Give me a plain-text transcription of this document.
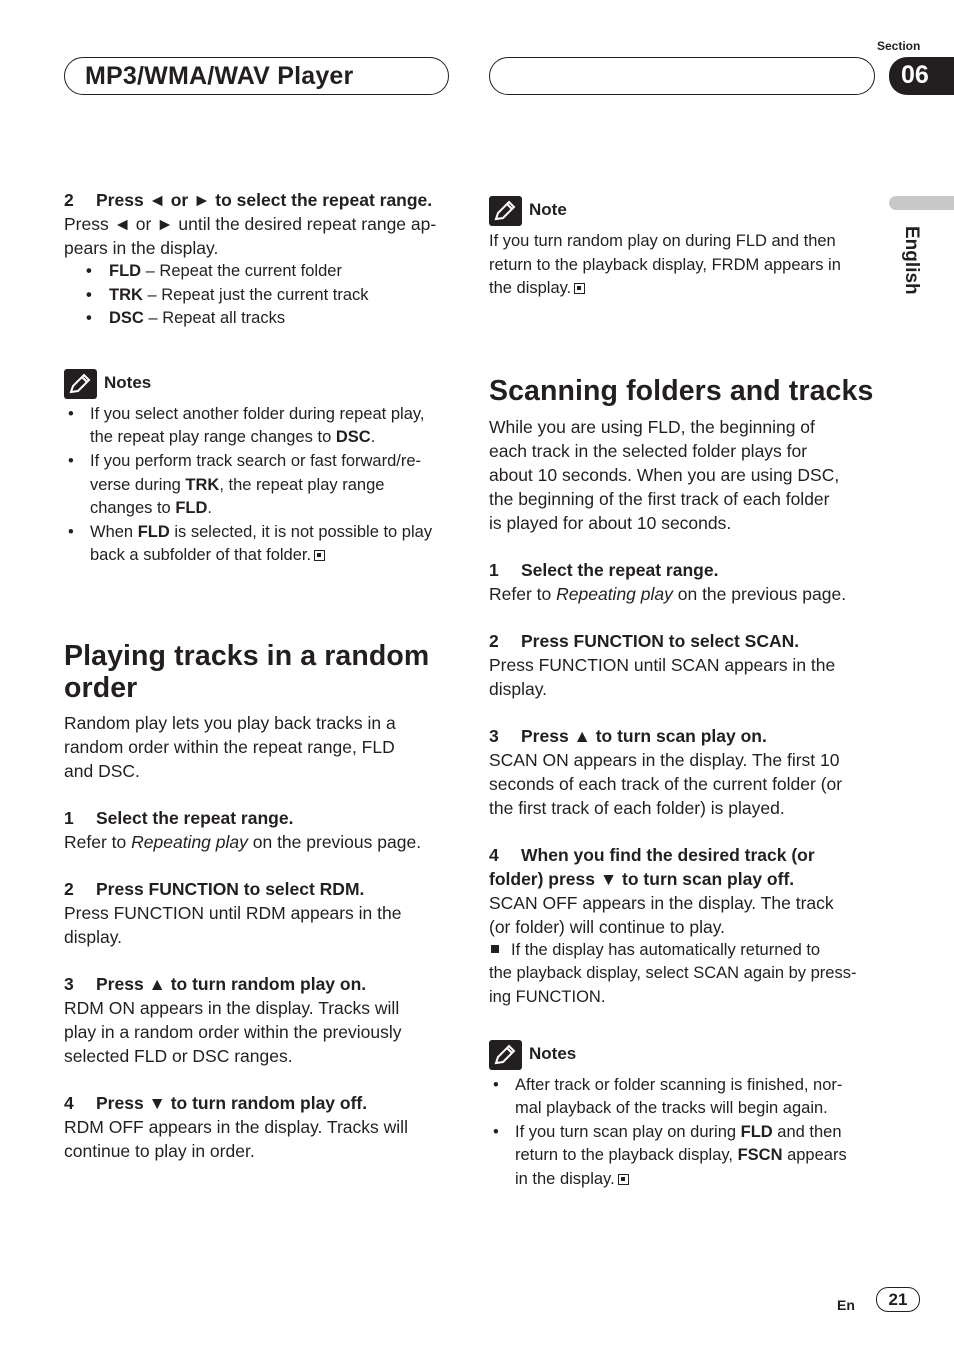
MP3/WMA/WAV Player
Section
06
English
2 Press ◄ or ► to select the repeat range.

Press ◄ or ► until the desired repeat range ap-
pears in the display.

• FLD – Repeat the current folder
• TRK – Repeat just the current track
• DSC – Repeat all tracks
Notes
• If you select another folder during repeat play,
the repeat play range changes to DSC.
• If you perform track search or fast forward/re-
verse during TRK, the repeat play range
changes to FLD.
• When FLD is selected, it is not possible to play
back a subfolder of that folder.
Playing tracks in a random
order

Random play lets you play back tracks in a
random order within the repeat range, FLD
and DSC.

1 Select the repeat range.

Refer to Repeating play on the previous page.

2 Press FUNCTION to select RDM.

Press FUNCTION until RDM appears in the
display.

3 Press ▲ to turn random play on.

RDM ON appears in the display. Tracks will
play in a random order within the previously
selected FLD or DSC ranges.

4 Press ▼ to turn random play off.

RDM OFF appears in the display. Tracks will
continue to play in order.

Note

If you turn random play on during FLD and then
return to the playback display, FRDM appears in
the display.

Scanning folders and tracks

While you are using FLD, the beginning of
each track in the selected folder plays for
about 10 seconds. When you are using DSC,
the beginning of the first track of each folder
is played for about 10 seconds.

1 Select the repeat range.

Refer to Repeating play on the previous page.

2 Press FUNCTION to select SCAN.

Press FUNCTION until SCAN appears in the
display.

3 Press ▲ to turn scan play on.

SCAN ON appears in the display. The first 10
seconds of each track of the current folder (or
the first track of each folder) is played.

4 When you find the desired track (or
folder) press ▼ to turn scan play off.

SCAN OFF appears in the display. The track
(or folder) will continue to play.

If the display has automatically returned to
the playback display, select SCAN again by press-
ing FUNCTION.

Notes
• After track or folder scanning is finished, nor-
mal playback of the tracks will begin again.
• If you turn scan play on during FLD and then
return to the playback display, FSCN appears
in the display.
En	21
